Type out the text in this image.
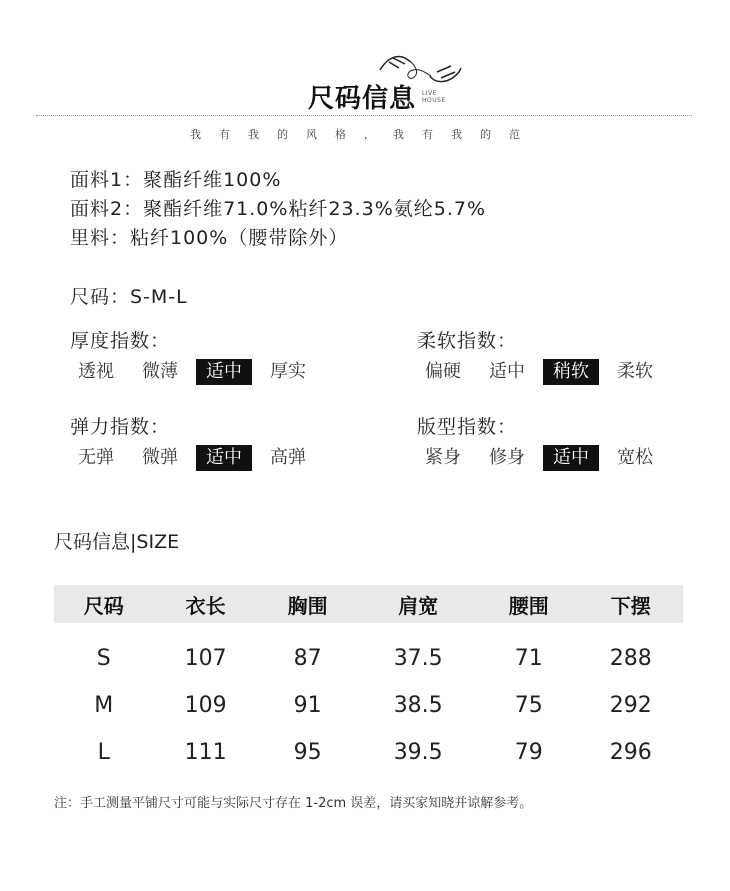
尺码信息 LIVE
HOUSE
我有我的风格，我有我的范
面料1：聚酯纤维100%
面料2：聚酯纤维71.0%粘纤23.3%氨纶5.7%
里料：粘纤100%（腰带除外）
尺码：S-M-L
厚度指数：
透视	微薄	适中	厚实
柔软指数：
偏硬	适中	稍软	柔软
弹力指数：
无弹	微弹	适中	高弹
版型指数：
紧身	修身	适中	宽松
尺码信息|SIZE
尺码	衣长	胸围	肩宽	腰围	下摆
S	107	87	37.5	71	288
M	109	91	38.5	75	292
L	111	95	39.5	79	296
注：手工测量平铺尺寸可能与实际尺寸存在 1-2cm 误差，请买家知晓并谅解参考。
